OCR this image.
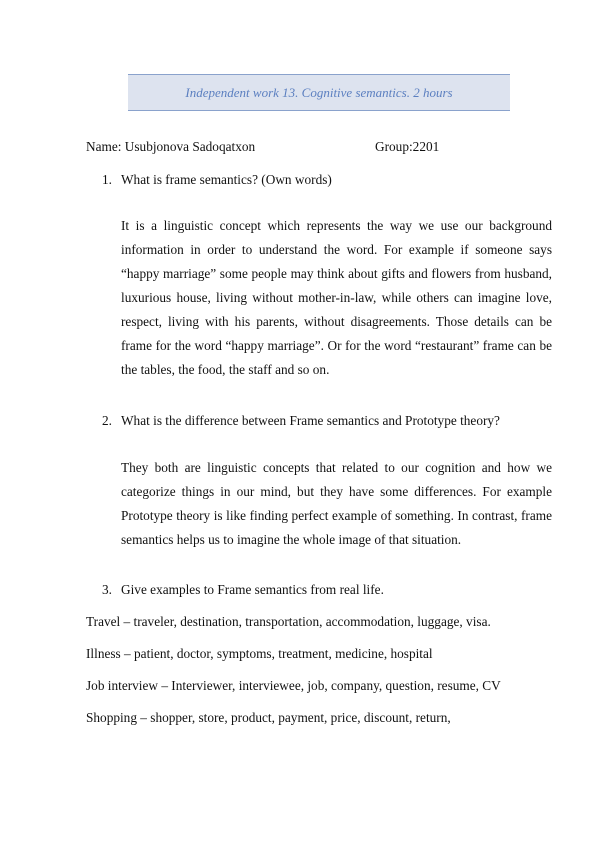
Independent work 13. Cognitive semantics. 2 hours
Name: Usubjonova Sadoqatxon	Group:2201
1. What is frame semantics? (Own words)
It is a linguistic concept which represents the way we use our background information in order to understand the word. For example if someone says “happy marriage” some people may think about gifts and flowers from husband, luxurious house, living without mother-in-law, while others can imagine love, respect, living with his parents, without disagreements. Those details can be frame for the word “happy marriage”. Or for the word “restaurant” frame can be the tables, the food, the staff and so on.
2. What is the difference between Frame semantics and Prototype theory?
They both are linguistic concepts that related to our cognition and how we categorize things in our mind, but they have some differences. For example Prototype theory is like finding perfect example of something. In contrast, frame semantics helps us to imagine the whole image of that situation.
3. Give examples to Frame semantics from real life.
Travel – traveler, destination, transportation, accommodation, luggage, visa.
Illness – patient, doctor, symptoms, treatment, medicine, hospital
Job interview – Interviewer, interviewee, job, company, question, resume, CV
Shopping – shopper, store, product, payment, price, discount, return,
